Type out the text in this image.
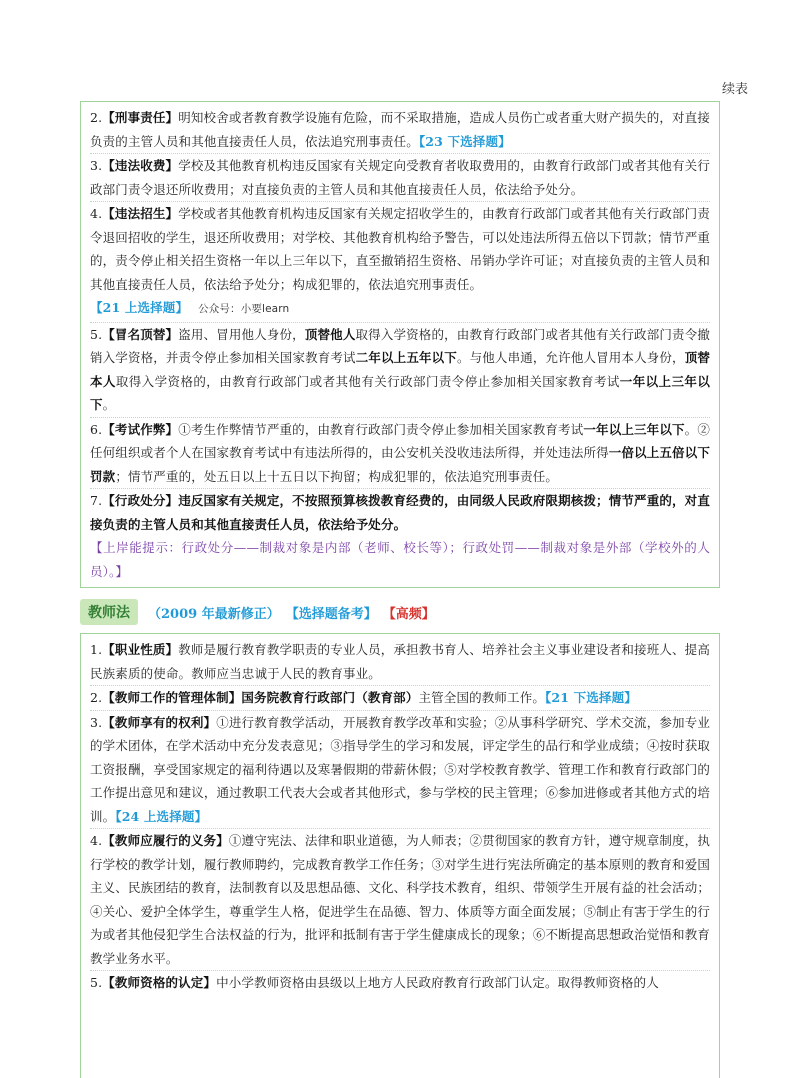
续表

2.【刑事责任】明知校舍或者教育教学设施有危险，而不采取措施，造成人员伤亡或者重大财产损失的，对直接负责的主管人员和其他直接责任人员，依法追究刑事责任。【23 下选择题】

3.【违法收费】学校及其他教育机构违反国家有关规定向受教育者收取费用的，由教育行政部门或者其他有关行政部门责令退还所收费用；对直接负责的主管人员和其他直接责任人员，依法给予处分。

4.【违法招生】学校或者其他教育机构违反国家有关规定招收学生的，由教育行政部门或者其他有关行政部门责令退回招收的学生，退还所收费用；对学校、其他教育机构给予警告，可以处违法所得五倍以下罚款；情节严重的，责令停止相关招生资格一年以上三年以下，直至撤销招生资格、吊销办学许可证；对直接负责的主管人员和其他直接责任人员，依法给予处分；构成犯罪的，依法追究刑事责任。
【21 上选择题】 公众号：小要learn

5.【冒名顶替】盗用、冒用他人身份，顶替他人取得入学资格的，由教育行政部门或者其他有关行政部门责令撤销入学资格，并责令停止参加相关国家教育考试二年以上五年以下。与他人串通，允许他人冒用本人身份，顶替本人取得入学资格的，由教育行政部门或者其他有关行政部门责令停止参加相关国家教育考试一年以上三年以下。

6.【考试作弊】①考生作弊情节严重的，由教育行政部门责令停止参加相关国家教育考试一年以上三年以下。②任何组织或者个人在国家教育考试中有违法所得的，由公安机关没收违法所得，并处违法所得一倍以上五倍以下罚款；情节严重的，处五日以上十五日以下拘留；构成犯罪的，依法追究刑事责任。

7.【行政处分】违反国家有关规定，不按照预算核拨教育经费的，由同级人民政府限期核拨；情节严重的，对直接负责的主管人员和其他直接责任人员，依法给予处分。
【上岸能提示：行政处分——制裁对象是内部（老师、校长等）；行政处罚——制裁对象是外部（学校外的人员）。】

教师法	（2009 年最新修正） 【选择题备考】 【高频】

1.【职业性质】教师是履行教育教学职责的专业人员，承担教书育人、培养社会主义事业建设者和接班人、提高民族素质的使命。教师应当忠诚于人民的教育事业。

2.【教师工作的管理体制】国务院教育行政部门（教育部）主管全国的教师工作。【21 下选择题】

3.【教师享有的权利】①进行教育教学活动，开展教育教学改革和实验；②从事科学研究、学术交流，参加专业的学术团体，在学术活动中充分发表意见；③指导学生的学习和发展，评定学生的品行和学业成绩；④按时获取工资报酬，享受国家规定的福利待遇以及寒暑假期的带薪休假；⑤对学校教育教学、管理工作和教育行政部门的工作提出意见和建议，通过教职工代表大会或者其他形式，参与学校的民主管理；⑥参加进修或者其他方式的培训。【24 上选择题】

4.【教师应履行的义务】①遵守宪法、法律和职业道德，为人师表；②贯彻国家的教育方针，遵守规章制度，执行学校的教学计划，履行教师聘约，完成教育教学工作任务；③对学生进行宪法所确定的基本原则的教育和爱国主义、民族团结的教育，法制教育以及思想品德、文化、科学技术教育，组织、带领学生开展有益的社会活动；④关心、爱护全体学生，尊重学生人格，促进学生在品德、智力、体质等方面全面发展；⑤制止有害于学生的行为或者其他侵犯学生合法权益的行为，批评和抵制有害于学生健康成长的现象；⑥不断提高思想政治觉悟和教育教学业务水平。

5.【教师资格的认定】中小学教师资格由县级以上地方人民政府教育行政部门认定。取得教师资格的人
